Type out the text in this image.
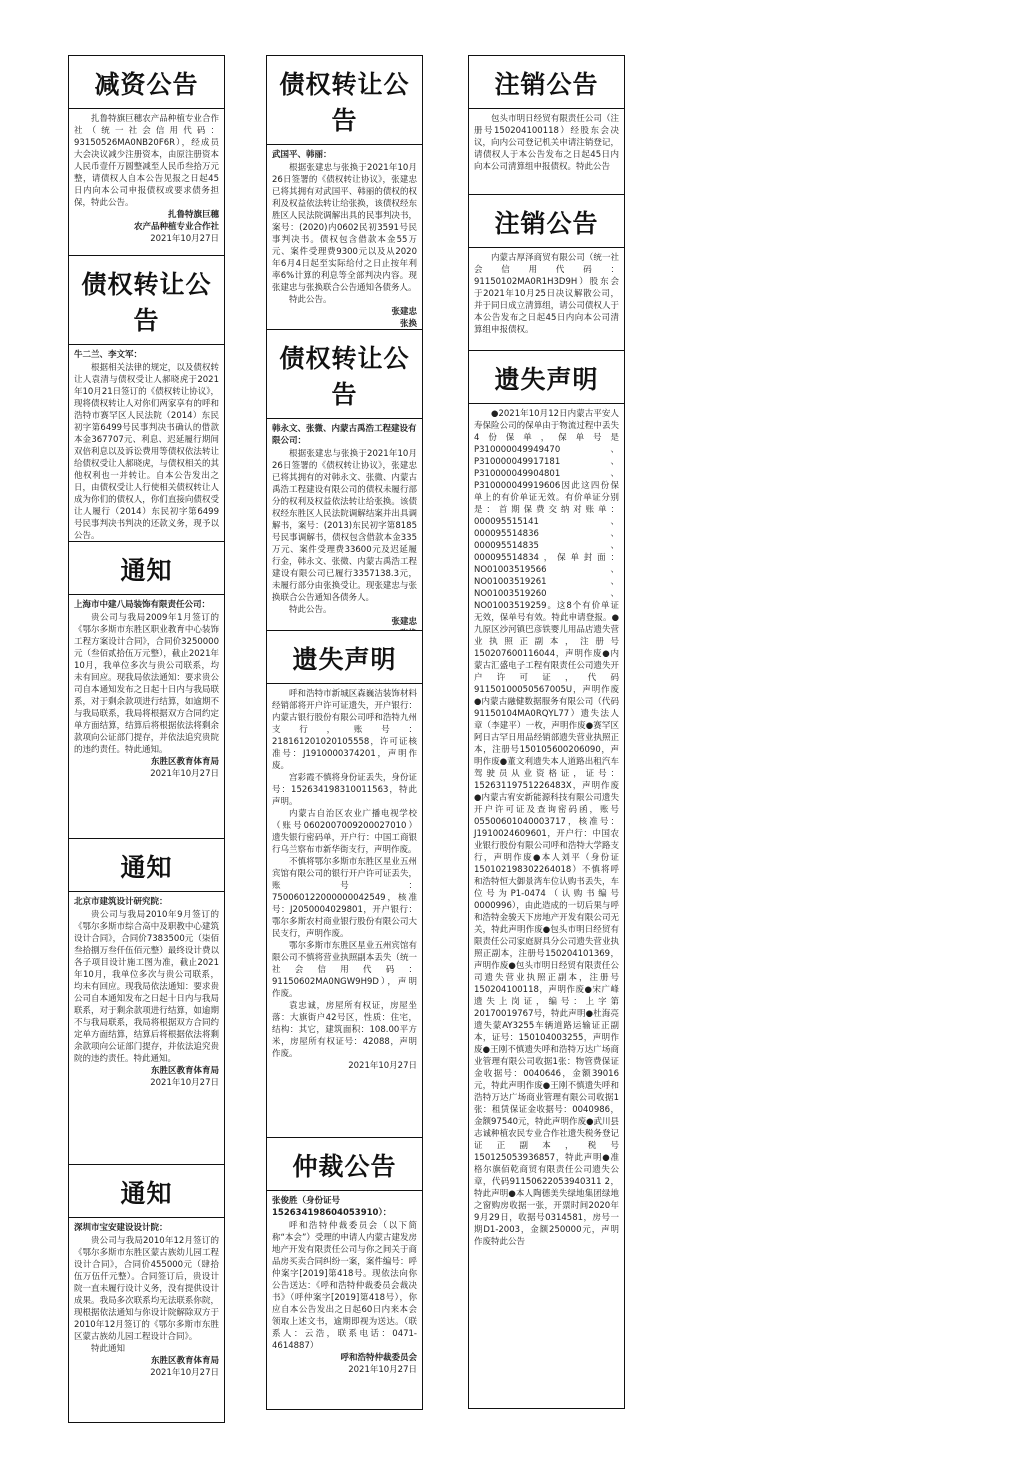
减资公告

扎鲁特旗巨穗农产品种植专业合作社（统一社会信用代码：93150526MA0NB20F6R），经成员大会决议减少注册资本，由原注册资本人民币壹仟万圆整减至人民币叁拾万元整，请债权人自本公告见报之日起45日内向本公司申报债权或要求债务担保，特此公告。

扎鲁特旗巨穗
农产品种植专业合作社
2021年10月27日
债权转让公告
牛二兰、李文军：

根据相关法律的规定，以及债权转让人袁清与债权受让人郝晓虎于2021年10月21日签订的《债权转让协议》，现将债权转让人对你们两家享有的呼和浩特市赛罕区人民法院（2014）东民初字第6499号民事判决书确认的借款本金367707元、利息、迟延履行期间双倍利息以及诉讼费用等债权依法转让给债权受让人郝晓虎，与债权相关的其他权利也一并转让。自本公告发出之日，由债权受让人行使相关债权转让人成为你们的债权人，你们直接向债权受让人履行（2014）东民初字第6499号民事判决书判决的还款义务，现予以公告。

通知
上海市中建八局装饰有限责任公司：

贵公司与我局2009年1月签订的《鄂尔多斯市东胜区职业教育中心装饰工程方案设计合同》，合同价3250000元（叁佰贰拾伍万元整），截止2021年10月，我单位多次与贵公司联系，均未有回应。现我局依法通知：要求贵公司自本通知发布之日起十日内与我局联系，对于剩余款项进行结算，如逾期不与我局联系，我局将根据双方合同约定单方面结算，结算后将根据依法将剩余款项向公证部门提存，并依法追究贵院的违约责任。特此通知。

东胜区教育体育局
2021年10月27日
通知
北京市建筑设计研究院：

贵公司与我局2010年9月签订的《鄂尔多斯市综合高中及职教中心建筑设计合同》，合同价7383500元（柒佰叁拾捌万叁仟伍佰元整）最终设计费以各子项目设计施工图为准，截止2021年10月，我单位多次与贵公司联系，均未有回应。现我局依法通知：要求贵公司自本通知发布之日起十日内与我局联系，对于剩余款项进行结算，如逾期不与我局联系，我局将根据双方合同约定单方面结算，结算后将根据依法将剩余款项向公证部门提存，并依法追究贵院的违约责任。特此通知。

东胜区教育体育局
2021年10月27日
通知
深圳市宝安建设设计院：

贵公司与我局2010年12月签订的《鄂尔多斯市东胜区蒙古族幼儿园工程设计合同》，合同价455000元（肆拾伍万伍仟元整）。合同签订后，贵设计院一直未履行设计义务，没有提供设计成果。我局多次联系均无法联系你院，现根据依法通知与你设计院解除双方于2010年12月签订的《鄂尔多斯市东胜区蒙古族幼儿园工程设计合同》。

特此通知

东胜区教育体育局
2021年10月27日
债权转让公告
武国平、韩丽：

根据张建忠与张换于2021年10月26日签署的《债权转让协议》，张建忠已将其拥有对武国平、韩丽的债权的权利及权益依法转让给张换，该债权经东胜区人民法院调解出具的民事判决书，案号：(2020)内0602民初3591号民事判决书。债权包含借款本金55万元、案件受理费9300元以及从2020年6月4日起至实际给付之日止按年利率6%计算的利息等全部判决内容。现张建忠与张换联合公告通知各债务人。

特此公告。

张建忠
张换
债权转让公告
韩永文、张微、内蒙古禹浩工程建设有限公司：

根据张建忠与张换于2021年10月26日签署的《债权转让协议》，张建忠已将其拥有的对韩永文、张微、内蒙古禹浩工程建设有限公司的债权未履行部分的权利及权益依法转让给张换。该债权经东胜区人民法院调解结案并出具调解书，案号：(2013)东民初字第8185号民事调解书，债权包含借款本金335万元、案件受理费33600元及迟延履行金，韩永文、张微、内蒙古禹浩工程建设有限公司已履行3357138.3元，未履行部分由张换受让。现张建忠与张换联合公告通知各债务人。

特此公告。

张建忠
遗失声明

呼和浩特市新城区森巍洁装饰材料经销部将开户许可证遗失，开户银行：内蒙古银行股份有限公司呼和浩特九州支行，账号：218161201020105558，许可证核准号：J1910000374201，声明作废。

宫彩霞不慎将身份证丢失，身份证号：152634198310011563，特此声明。

内蒙古自治区农业广播电视学校（账号0602007009200027010）遗失银行密码单，开户行：中国工商银行乌兰察布市新华街支行，声明作废。

不慎将鄂尔多斯市东胜区星业五州宾馆有限公司的银行开户许可证丢失，账号：750060122000000042549，核准号：J2050004029801，开户银行：鄂尔多斯农村商业银行股份有限公司大民支行，声明作废。

鄂尔多斯市东胜区星业五州宾馆有限公司不慎将营业执照副本丢失（统一社会信用代码：91150602MA0NGW9H9D），声明作废。

袁忠诚，房屋所有权证，房屋坐落：大旗街户42号区，性质：住宅，结构：其它，建筑面积：108.00平方米，房屋所有权证号：42088，声明作废。

2021年10月27日
仲裁公告
张俊胜（身份证号152634198604053910）：

呼和浩特仲裁委员会（以下简称“本会”）受理的申请人内蒙古建发房地产开发有限责任公司与你之间关于商品房买卖合同纠纷一案，案件编号：呼仲案字[2019]第418号。现依法向你公告送达：《呼和浩特仲裁委员会裁决书》（呼仲案字[2019]第418号），你应自本公告发出之日起60日内来本会领取上述文书，逾期即视为送达。（联系人：云浩，联系电话：0471-4614887）

呼和浩特仲裁委员会
2021年10月27日
注销公告

包头市明日经贸有限责任公司（注册号150204100118）经股东会决议，向内公司登记机关申请注销登记，请债权人于本公告发布之日起45日内向本公司清算组申报债权。特此公告

注销公告

内蒙古厚泽商贸有限公司（统一社会信用代码：91150102MA0R1H3D9H）股东会于2021年10月25日决议解散公司，并于同日成立清算组，请公司债权人于本公告发布之日起45日内向本公司清算组申报债权。

遗失声明

●2021年10月12日内蒙古平安人寿保险公司的保单由于物流过程中丢失4份保单，保单号是P310000049949470、P310000049917181、P310000049904801、P310000049919606因此这四份保单上的有价单证无效。有价单证分别是：首期保费交纳对账单：000095515141、000095514836、000095514835、000095514834，保单封面：NO01003519566、NO01003519261、NO01003519260、NO01003519259。这8个有价单证无效，保单号有效。特此申请登报。●九原区沙河镇巴彦铁婴儿用品店遗失营业执照正副本，注册号150207600116044，声明作废●内蒙古汇盛电子工程有限责任公司遗失开户许可证，代码91150100050567005U，声明作废●内蒙古融健数据服务有限公司（代码91150104MA0RQYL77）遗失法人章（李建平）一枚，声明作废●赛罕区阿日古罕日用品经销部遗失营业执照正本，注册号150105600206090，声明作废●董文利遗失本人道路出租汽车驾驶员从业资格证，证号：152631197512264​83X，声明作废●内蒙古宥安新能源科技有限公司遗失开户许可证及查询密码函，账号05500601040003717，核准号：J1910024609601，开户行：中国农业银行股份有限公司呼和浩特大学路支行，声明作废●本人刘平（身份证150102198302264018）不慎将呼和浩特恒大御景湾车位认购书丢失，车位号为P1-0474（认购书编号0000996），由此造成的一切后果与呼和浩特金骏天下房地产开发有限公司无关，特此声明作废●包头市明日经贸有限责任公司家庭厨具分公司遗失营业执照正副本，注册号150204101369，声明作废●包头市明日经贸有限责任公司遗失营业执照正副本，注册号150204100118，声明作废●宋广峰遗失上岗证，编号：上字第20170019767号，特此声明●杜海亮遗失蒙AY3255车辆道路运输证正副本，证号：150104003255，声明作废●王刚不慎遗失呼和浩特万达广场商业管理有限公司收据1张：物管费保证金收据号：0040646，金额39016元，特此声明作废●王刚不慎遗失呼和浩特万达广场商业管理有限公司收据1张：租赁保证金收据号：0040986，金额97540元，特此声明作废●武川县志诚种植农民专业合作社遗失税务登记证正副本，税号150125053936857，特此声明●准格尔旗佰乾商贸有限责任公司遗失公章，代码91150622053940311 2，特此声明●本人陶德美失绿地集团绿地之窗购房收据一张，开票时间2020年9月29日，收据号0314581，房号一期D1-2003，金额250000元，声明作废特此公告
